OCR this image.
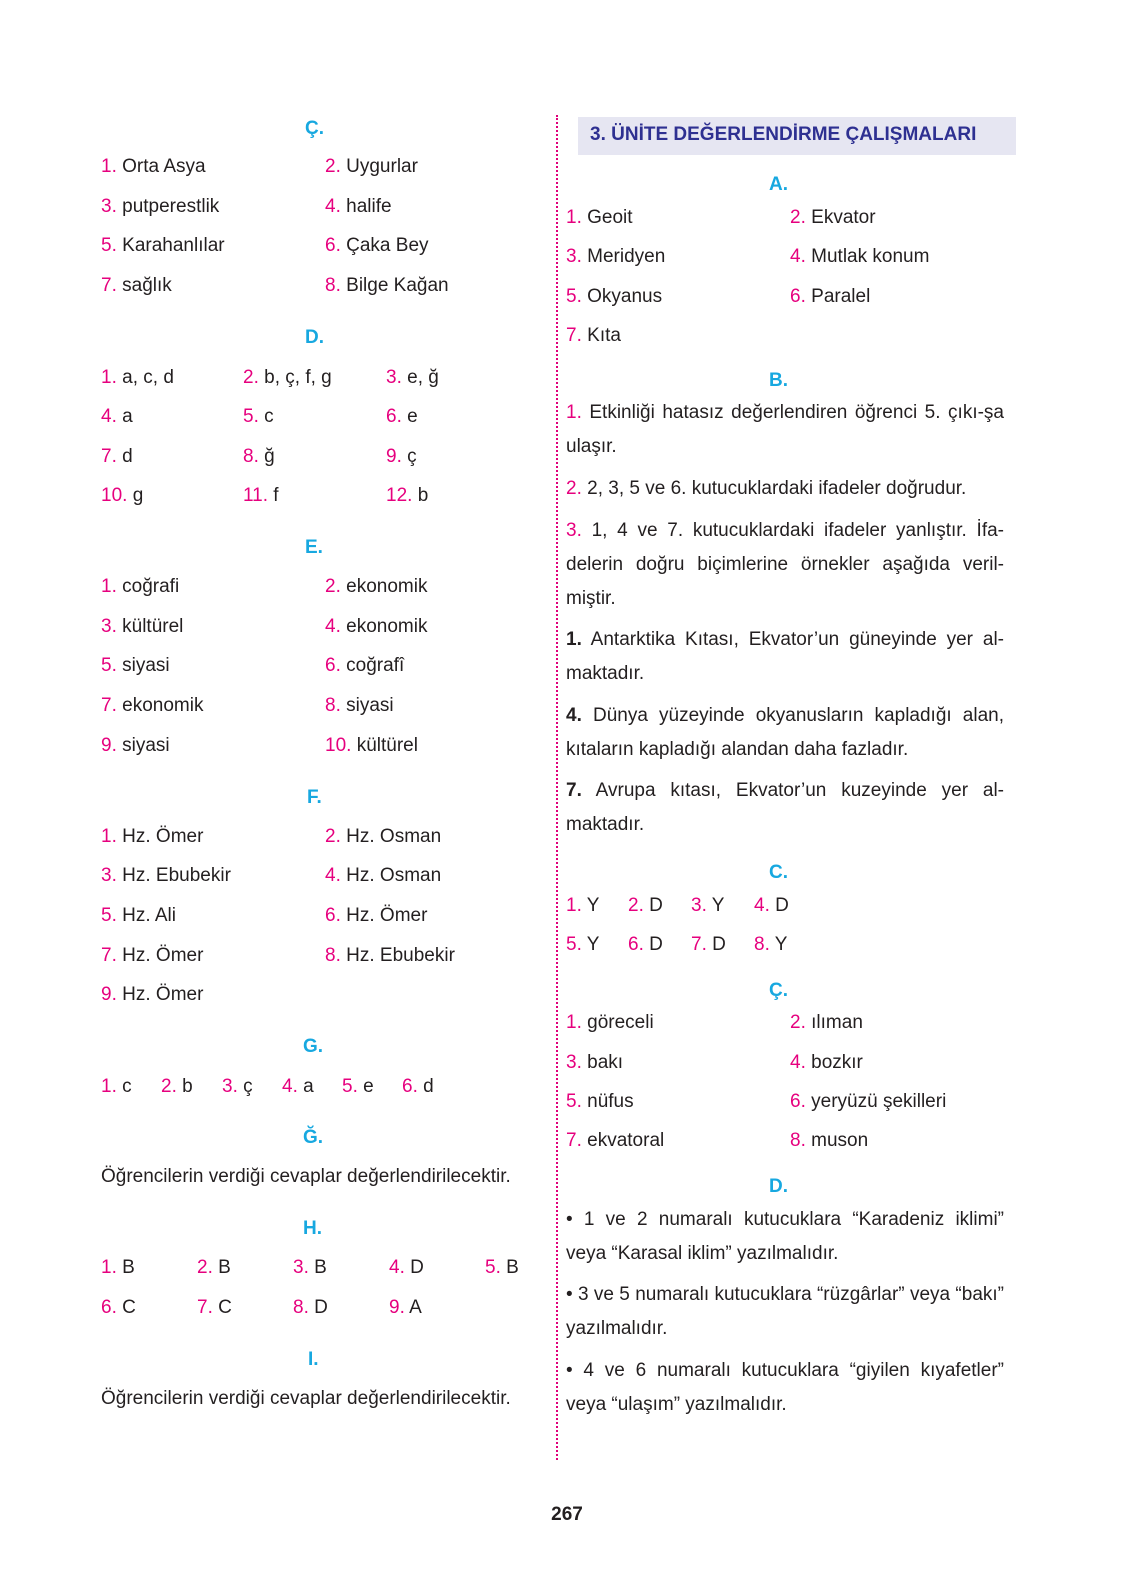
Ç.
1. Orta Asya	2. Uygurlar
3. putperestlik	4. halife
5. Karahanlılar	6. Çaka Bey
7. sağlık	8. Bilge Kağan
D.
1. a, c, d	2. b, ç, f, g	3. e, ğ
4. a	5. c	6. e
7. d	8. ğ	9. ç
10. g	11. f	12. b
E.
1. coğrafi	2. ekonomik
3. kültürel	4. ekonomik
5. siyasi	6. coğrafî
7. ekonomik	8. siyasi
9. siyasi	10. kültürel
F.
1. Hz. Ömer	2. Hz. Osman
3. Hz. Ebubekir	4. Hz. Osman
5. Hz. Ali	6. Hz. Ömer
7. Hz. Ömer	8. Hz. Ebubekir
9. Hz. Ömer
G.
1. c 2. b 3. ç 4. a 5. e 6. d
Ğ.
Öğrencilerin verdiği cevaplar değerlendirilecektir.
H.
1. B	2. B	3. B	4. D	5. B
6. C	7. C	8. D	9. A
I.
Öğrencilerin verdiği cevaplar değerlendirilecektir.
3. ÜNİTE DEĞERLENDİRME ÇALIŞMALARI
A.
1. Geoit	2. Ekvator
3. Meridyen	4. Mutlak konum
5. Okyanus	6. Paralel
7. Kıta
B.
1. Etkinliği hatasız değerlendiren öğrenci 5. çıkı-şa ulaşır.
2. 2, 3, 5 ve 6. kutucuklardaki ifadeler doğrudur.
3. 1, 4 ve 7. kutucuklardaki ifadeler yanlıştır. İfa-delerin doğru biçimlerine örnekler aşağıda veril-miştir.
1. Antarktika Kıtası, Ekvator’un güneyinde yer al-maktadır.
4. Dünya yüzeyinde okyanusların kapladığı alan, kıtaların kapladığı alandan daha fazladır.
7. Avrupa kıtası, Ekvator’un kuzeyinde yer al-maktadır.
C.
1. Y 2. D 3. Y 4. D
5. Y 6. D 7. D 8. Y
Ç.
1. göreceli	2. ılıman
3. bakı	4. bozkır
5. nüfus	6. yeryüzü şekilleri
7. ekvatoral	8. muson
D.
• 1 ve 2 numaralı kutucuklara “Karadeniz iklimi” veya “Karasal iklim” yazılmalıdır.
• 3 ve 5 numaralı kutucuklara “rüzgârlar” veya “bakı” yazılmalıdır.
• 4 ve 6 numaralı kutucuklara “giyilen kıyafetler” veya “ulaşım” yazılmalıdır.
267
